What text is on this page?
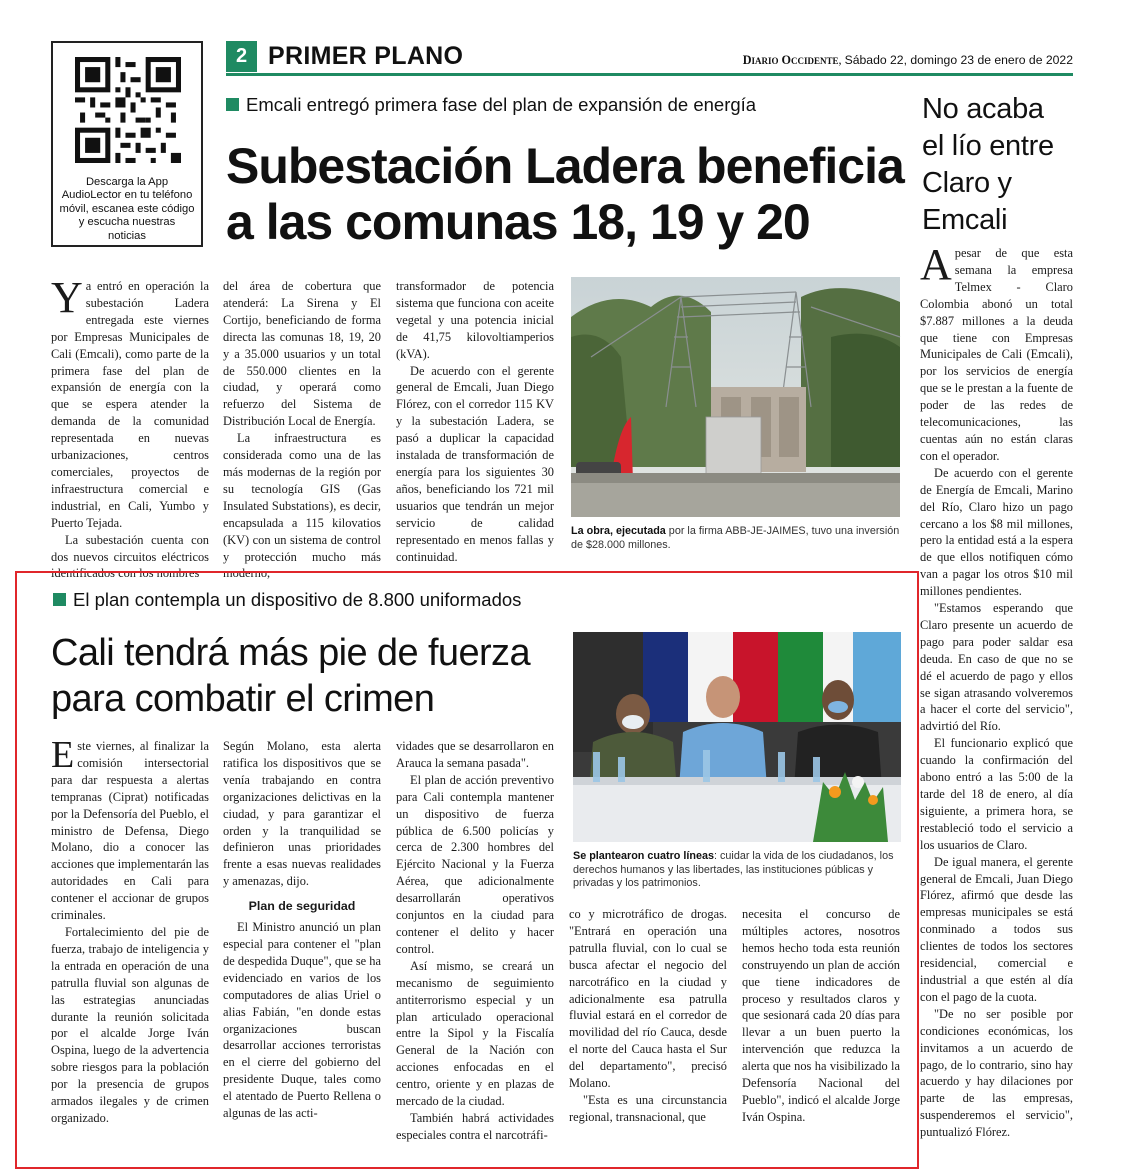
Descarga la App AudioLector en tu teléfono móvil, escanea este código y escucha nuestras noticias
2 PRIMER PLANO	Diario Occidente, Sábado 22, domingo 23 de enero de 2022
Emcali entregó primera fase del plan de expansión de energía
Subestación Ladera beneficia
a las comunas 18, 19 y 20

Ya entró en operación la subestación Ladera entregada este viernes por Empresas Municipales de Cali (Emcali), como parte de la primera fase del plan de expansión de energía con la que se espera atender la demanda de la comunidad representada en nuevas urbanizaciones, centros comerciales, proyectos de infraestructura comercial e industrial, en Cali, Yumbo y Puerto Tejada.

La subestación cuenta con dos nuevos circuitos eléctricos identificados con los nombres

del área de cobertura que atenderá: La Sirena y El Cortijo, beneficiando de forma directa las comunas 18, 19, 20 y a 35.000 usuarios y un total de 550.000 clientes en la ciudad, y operará como refuerzo del Sistema de Distribución Local de Energía.

La infraestructura es considerada como una de las más modernas de la región por su tecnología GIS (Gas Insulated Substations), es decir, encapsulada a 115 kilovatios (KV) con un sistema de control y protección mucho más moderno,

transformador de potencia sistema que funciona con aceite vegetal y una potencia inicial de 41,75 kilovoltiamperios (kVA).

De acuerdo con el gerente general de Emcali, Juan Diego Flórez, con el corredor 115 KV y la subestación Ladera, se pasó a duplicar la capacidad instalada de transformación de energía para los siguientes 30 años, beneficiando los 721 mil usuarios que tendrán un mejor servicio de calidad representado en menos fallas y continuidad.

La obra, ejecutada por la firma ABB-JE-JAIMES, tuvo una inversión de $28.000 millones.
El plan contempla un dispositivo de 8.800 uniformados
Cali tendrá más pie de fuerza
para combatir el crimen
Se plantearon cuatro líneas: cuidar la vida de los ciudadanos, los derechos humanos y las libertades, las instituciones públicas y privadas y los patrimonios.

Este viernes, al finalizar la comisión intersectorial para dar respuesta a alertas tempranas (Ciprat) notificadas por la Defensoría del Pueblo, el ministro de Defensa, Diego Molano, dio a conocer las acciones que implementarán las autoridades en Cali para contener el accionar de grupos criminales.

Fortalecimiento del pie de fuerza, trabajo de inteligencia y la entrada en operación de una patrulla fluvial son algunas de las estrategias anunciadas durante la reunión solicitada por el alcalde Jorge Iván Ospina, luego de la advertencia sobre riesgos para la población por la presencia de grupos armados ilegales y de crimen organizado.

Según Molano, esta alerta ratifica los dispositivos que se venía trabajando en contra organizaciones delictivas en la ciudad, y para garantizar el orden y la tranquilidad se definieron unas prioridades frente a esas nuevas realidades y amenazas, dijo.

Plan de seguridad

El Ministro anunció un plan especial para contener el "plan de despedida Duque", que se ha evidenciado en varios de los computadores de alias Uriel o alias Fabián, "en donde estas organizaciones buscan desarrollar acciones terroristas en el cierre del gobierno del presidente Duque, tales como el atentado de Puerto Rellena o algunas de las acti-

vidades que se desarrollaron en Arauca la semana pasada".

El plan de acción preventivo para Cali contempla mantener un dispositivo de fuerza pública de 6.500 policías y cerca de 2.300 hombres del Ejército Nacional y la Fuerza Aérea, que adicionalmente desarrollarán operativos conjuntos en la ciudad para contener el delito y hacer control.

Así mismo, se creará un mecanismo de seguimiento antiterrorismo especial y un plan articulado operacional entre la Sipol y la Fiscalía General de la Nación con acciones enfocadas en el centro, oriente y en plazas de mercado de la ciudad.

También habrá actividades especiales contra el narcotráfi-

co y microtráfico de drogas. "Entrará en operación una patrulla fluvial, con lo cual se busca afectar el negocio del narcotráfico en la ciudad y adicionalmente esa patrulla fluvial estará en el corredor de movilidad del río Cauca, desde el norte del Cauca hasta el Sur del departamento", precisó Molano.

"Esta es una circunstancia regional, transnacional, que

necesita el concurso de múltiples actores, nosotros hemos hecho toda esta reunión construyendo un plan de acción que tiene indicadores de proceso y resultados claros y que sesionará cada 20 días para llevar a un buen puerto la intervención que reduzca la alerta que nos ha visibilizado la Defensoría Nacional del Pueblo", indicó el alcalde Jorge Iván Ospina.

No acaba el lío entre Claro y Emcali

Apesar de que esta semana la empresa Telmex - Claro Colombia abonó un total $7.887 millones a la deuda que tiene con Empresas Municipales de Cali (Emcali), por los servicios de energía que se le prestan a la fuente de poder de las redes de telecomunicaciones, las cuentas aún no están claras con el operador.

De acuerdo con el gerente de Energía de Emcali, Marino del Río, Claro hizo un pago cercano a los $8 mil millones, pero la entidad está a la espera de que ellos notifiquen cómo van a pagar los otros $10 mil millones pendientes.

"Estamos esperando que Claro presente un acuerdo de pago para poder saldar esa deuda. En caso de que no se dé el acuerdo de pago y ellos se sigan atrasando volveremos a hacer el corte del servicio", advirtió del Río.

El funcionario explicó que cuando la confirmación del abono entró a las 5:00 de la tarde del 18 de enero, al día siguiente, a primera hora, se restableció todo el servicio a los usuarios de Claro.

De igual manera, el gerente general de Emcali, Juan Diego Flórez, afirmó que desde las empresas municipales se está conminado a todos sus clientes de todos los sectores residencial, comercial e industrial a que estén al día con el pago de la cuota.

"De no ser posible por condiciones económicas, los invitamos a un acuerdo de pago, de lo contrario, sino hay acuerdo y hay dilaciones por parte de las empresas, suspenderemos el servicio", puntualizó Flórez.
